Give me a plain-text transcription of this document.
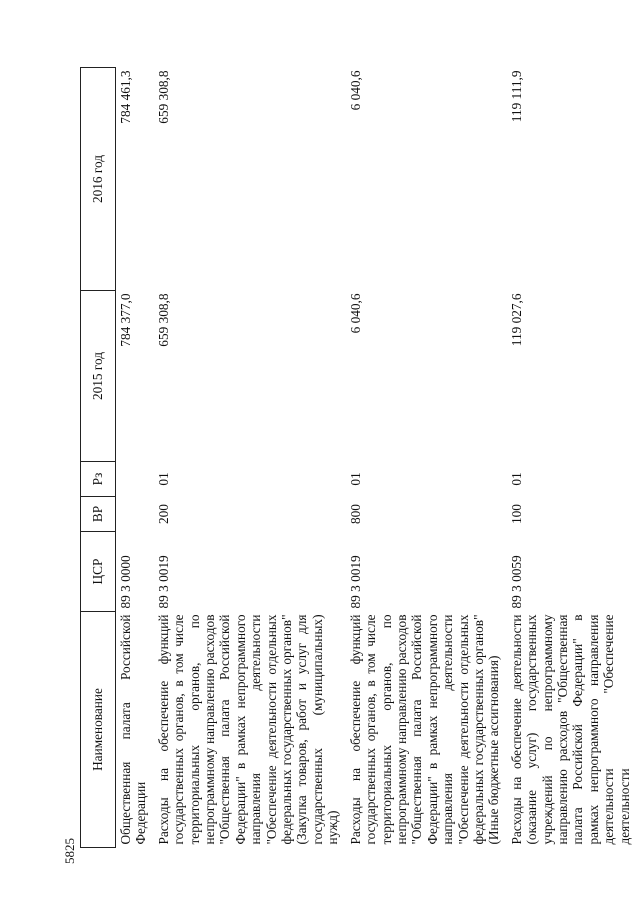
5825
Наименование	ЦСР	ВР	Рз	2015 год	2016 год
Общественная палата Российской Федерации	89 3 0000			784 377,0	784 461,3
Расходы на обеспечение функций государственных органов, в том числе территориальных органов, по непрограммному направлению расходов "Общественная палата Российской Федерации" в рамках непрограммного направления деятельности "Обеспечение деятельности отдельных федеральных государственных органов" (Закупка товаров, работ и услуг для государственных (муниципальных) нужд)	89 3 0019	200	01	659 308,8	659 308,8
Расходы на обеспечение функций государственных органов, в том числе территориальных органов, по непрограммному направлению расходов "Общественная палата Российской Федерации" в рамках непрограммного направления деятельности "Обеспечение деятельности отдельных федеральных государственных органов" (Иные бюджетные ассигнования)	89 3 0019	800	01	6 040,6	6 040,6
Расходы на обеспечение деятельности (оказание услуг) государственных учреждений по непрограммному направлению расходов "Общественная палата Российской Федерации" в рамках непрограммного направления деятельности "Обеспечение деятельности	89 3 0059	100	01	119 027,6	119 111,9
